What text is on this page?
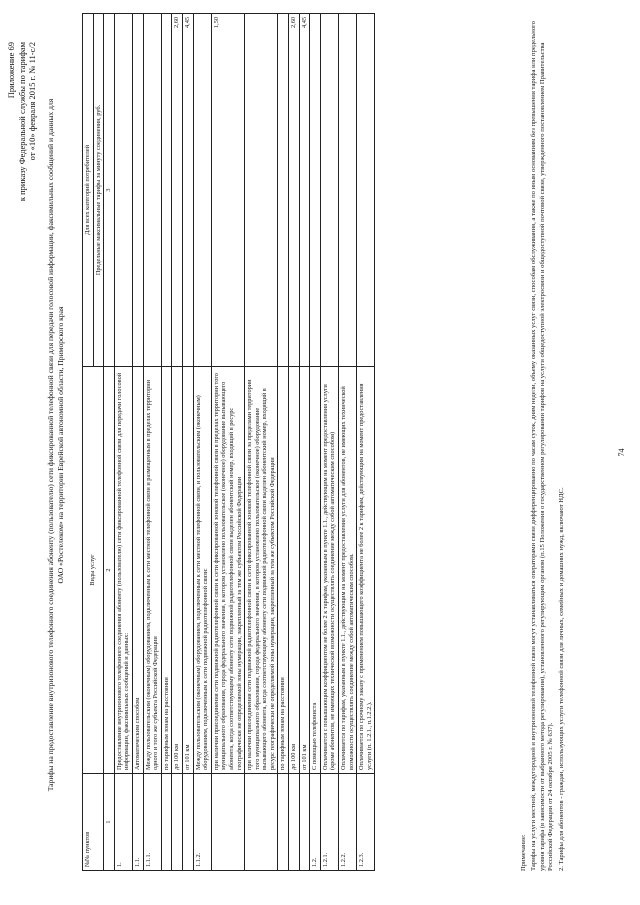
Приложение 69 к приказу Федеральной службы по тарифам от «10» февраля 2015 г. № 11-с/2 Тарифы на предоставление внутризонового телефонного соединения абоненту (пользователю) сети фиксированной телефонной связи для передачи голосовой информации, факсимильных сообщений и данных для ОАО «Ростелеком» на территории Еврейской автономной области, Приморского края
№№ пунктов	Виды услуг	Для всех категорий потребителей
		Предельные максимальные тарифы за минуту соединения, руб.
1	2	3
1.	Предоставление внутризонового телефонного соединения абоненту (пользователю) сети фиксированной телефонной связи для передачи голосовой информации, факсимильных сообщений и данных:	
1.1.	Автоматическим способом	
1.1.1.	Между пользовательским (оконечным) оборудованием, подключенным к сети местной телефонной связи и размещенным в пределах территории одного и того же субъекта Российской Федерации	
	по тарифным зонам на расстоянии	
	до 100 км	2,60
	от 101 км	4,45
1.1.2.	Между пользовательским (оконечным) оборудованием, подключенным к сети местной телефонной связи, и пользовательским (оконечным) оборудованием, подключенным к сети подвижной радиотелефонной связи:	
	при наличии присоединения сети подвижной радиотелефонной связи к сети фиксированной зоновой телефонной связи в пределах территории того муниципального образования, города федерального значения, в котором установлено пользовательское (оконечное) оборудование вызывающего абонента, когда соответствующему абоненту сети подвижной радиотелефонной связи выделен абонентский номер, входящий в ресурс географически не определяемой зоны нумерации, закрепленный за тем же субъектом Российской Федерации	1,50
	при наличии присоединения сети подвижной радиотелефонной связи к сети фиксированной зоновой телефонной связи за пределами территории того муниципального образования, города федерального значения, в котором установлено пользовательское (оконечное) оборудование вызывающего абонента, когда соответствующему абоненту сети подвижной радиотелефонной связи выделен абонентский номер, входящий в ресурс географически не определяемой зоны нумерации, закрепленный за тем же субъектом Российской Федерации	
	по тарифным зонам на расстоянии	
	до 100 км	2,60
	от 101 км	4,45
1.2.	С помощью телефониста	
1.2.1.	Оплачивается с повышающим коэффициентом не более 2 к тарифам, указанным в пункте 1.1., действующим на момент предоставления услуги (кроме абонентов, не имеющих технической возможности осуществлять соединение между собой автоматическим способом)	
1.2.2.	Оплачивается по тарифам, указанным в пункте 1.1., действующим на момент предоставления услуги для абонентов, не имеющих технической возможности осуществлять соединение между собой автоматическим способом.	
1.2.3.	Оплачивается по срочному заказу с применением повышающего коэффициента не более 2 к тарифам, действующим на момент предоставления услуги (п. 1.2.1., п.1.2.2.).	

Примечание: Тарифы на услуги местной, междугородной и внутризоновой телефонной связи могут устанавливаться операторами связи дифференцированно по часам суток, дням недели, объему оказанных услуг связи, способам обслуживания, а также по иным основаниям без превышения тарифа или предельного уровня тарифа (в зависимости от выбранного метода регулирования), установленного регулирующим органом (п.15 Положения о государственном регулировании тарифов на услуги общедоступной электросвязи и общедоступной почтовой связи, утвержденного постановлением Правительства Российской Федерации от 24 октября 2005 г. № 637). 2. Тарифы для абонентов - граждан, использующих услуги телефонной связи для личных, семейных и домашних нужд, включают НДС.

74
